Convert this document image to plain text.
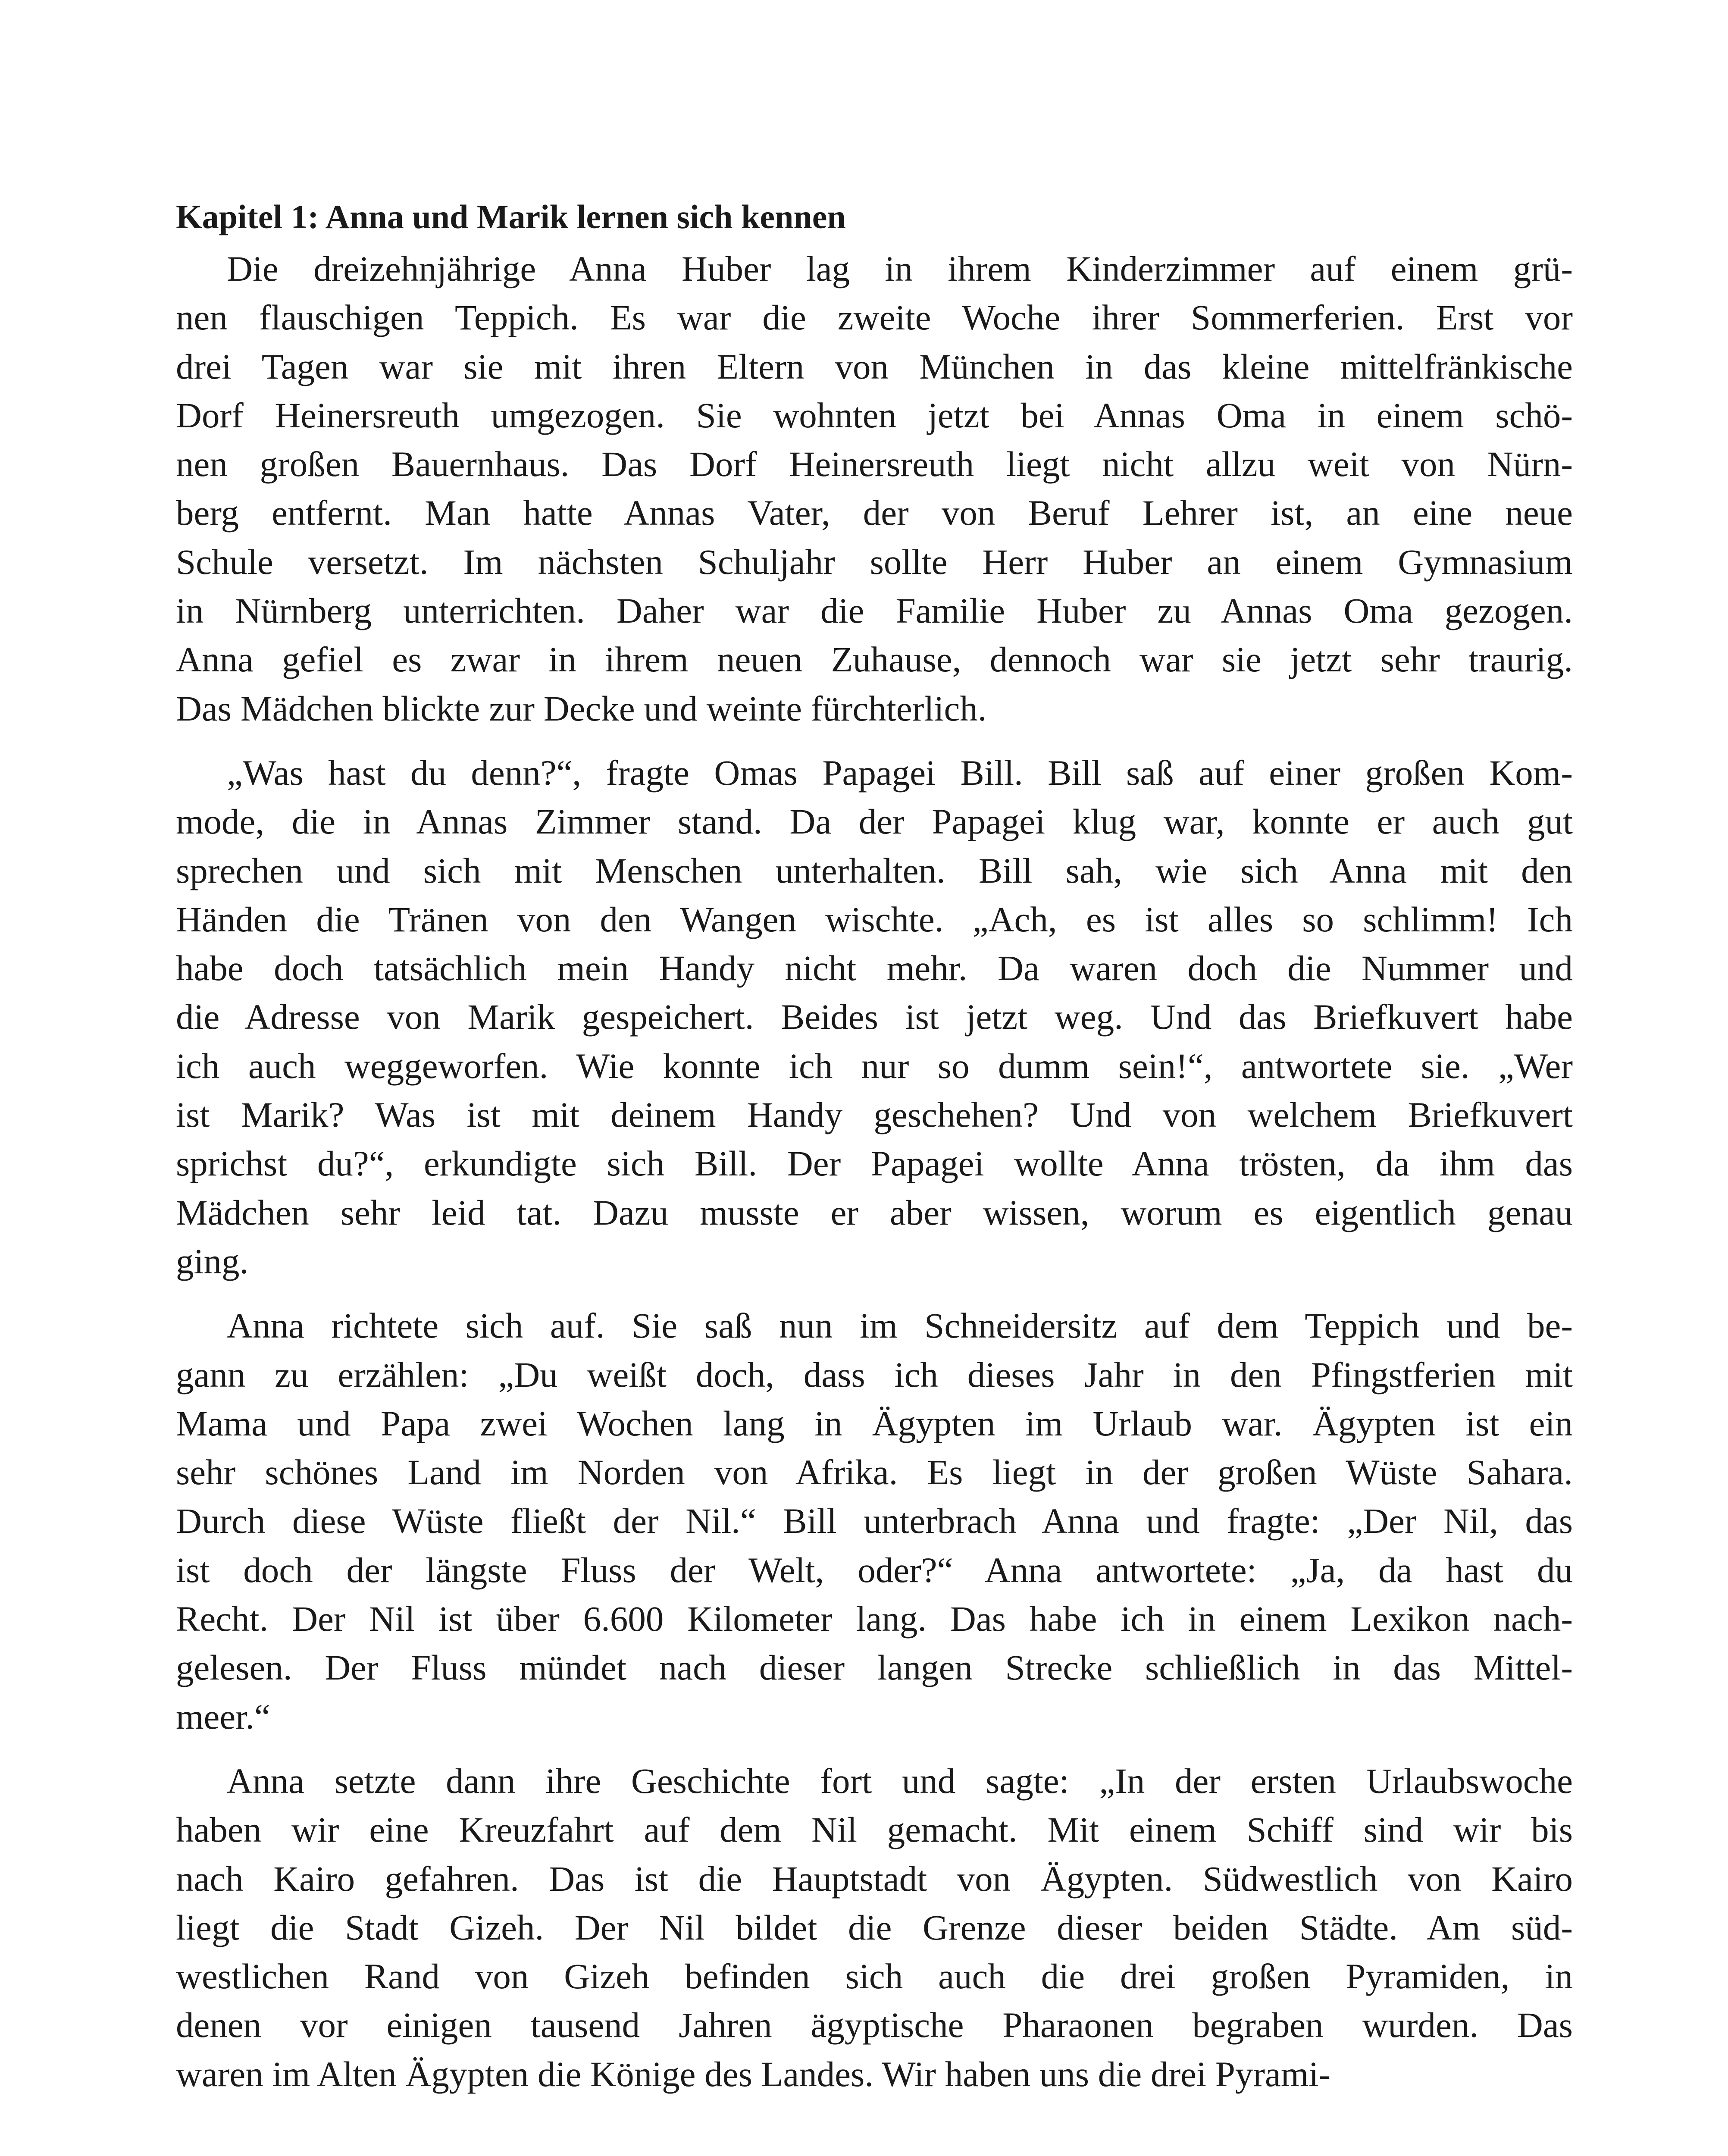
Kapitel 1: Anna und Marik lernen sich kennen
Die dreizehnjährige Anna Huber lag in ihrem Kinderzimmer auf einem grü-
nen flauschigen Teppich. Es war die zweite Woche ihrer Sommerferien. Erst vor
drei Tagen war sie mit ihren Eltern von München in das kleine mittelfränkische
Dorf Heinersreuth umgezogen. Sie wohnten jetzt bei Annas Oma in einem schö-
nen großen Bauernhaus. Das Dorf Heinersreuth liegt nicht allzu weit von Nürn-
berg entfernt. Man hatte Annas Vater, der von Beruf Lehrer ist, an eine neue
Schule versetzt. Im nächsten Schuljahr sollte Herr Huber an einem Gymnasium
in Nürnberg unterrichten. Daher war die Familie Huber zu Annas Oma gezogen.
Anna gefiel es zwar in ihrem neuen Zuhause, dennoch war sie jetzt sehr traurig.
Das Mädchen blickte zur Decke und weinte fürchterlich.
„Was hast du denn?“, fragte Omas Papagei Bill. Bill saß auf einer großen Kom-
mode, die in Annas Zimmer stand. Da der Papagei klug war, konnte er auch gut
sprechen und sich mit Menschen unterhalten. Bill sah, wie sich Anna mit den
Händen die Tränen von den Wangen wischte. „Ach, es ist alles so schlimm! Ich
habe doch tatsächlich mein Handy nicht mehr. Da waren doch die Nummer und
die Adresse von Marik gespeichert. Beides ist jetzt weg. Und das Briefkuvert habe
ich auch weggeworfen. Wie konnte ich nur so dumm sein!“, antwortete sie. „Wer
ist Marik? Was ist mit deinem Handy geschehen? Und von welchem Briefkuvert
sprichst du?“, erkundigte sich Bill. Der Papagei wollte Anna trösten, da ihm das
Mädchen sehr leid tat. Dazu musste er aber wissen, worum es eigentlich genau
ging.
Anna richtete sich auf. Sie saß nun im Schneidersitz auf dem Teppich und be-
gann zu erzählen: „Du weißt doch, dass ich dieses Jahr in den Pfingstferien mit
Mama und Papa zwei Wochen lang in Ägypten im Urlaub war. Ägypten ist ein
sehr schönes Land im Norden von Afrika. Es liegt in der großen Wüste Sahara.
Durch diese Wüste fließt der Nil.“ Bill unterbrach Anna und fragte: „Der Nil, das
ist doch der längste Fluss der Welt, oder?“ Anna antwortete: „Ja, da hast du
Recht. Der Nil ist über 6.600 Kilometer lang. Das habe ich in einem Lexikon nach-
gelesen. Der Fluss mündet nach dieser langen Strecke schließlich in das Mittel-
meer.“
Anna setzte dann ihre Geschichte fort und sagte: „In der ersten Urlaubswoche
haben wir eine Kreuzfahrt auf dem Nil gemacht. Mit einem Schiff sind wir bis
nach Kairo gefahren. Das ist die Hauptstadt von Ägypten. Südwestlich von Kairo
liegt die Stadt Gizeh. Der Nil bildet die Grenze dieser beiden Städte. Am süd-
westlichen Rand von Gizeh befinden sich auch die drei großen Pyramiden, in
denen vor einigen tausend Jahren ägyptische Pharaonen begraben wurden. Das
waren im Alten Ägypten die Könige des Landes. Wir haben uns die drei Pyrami-
